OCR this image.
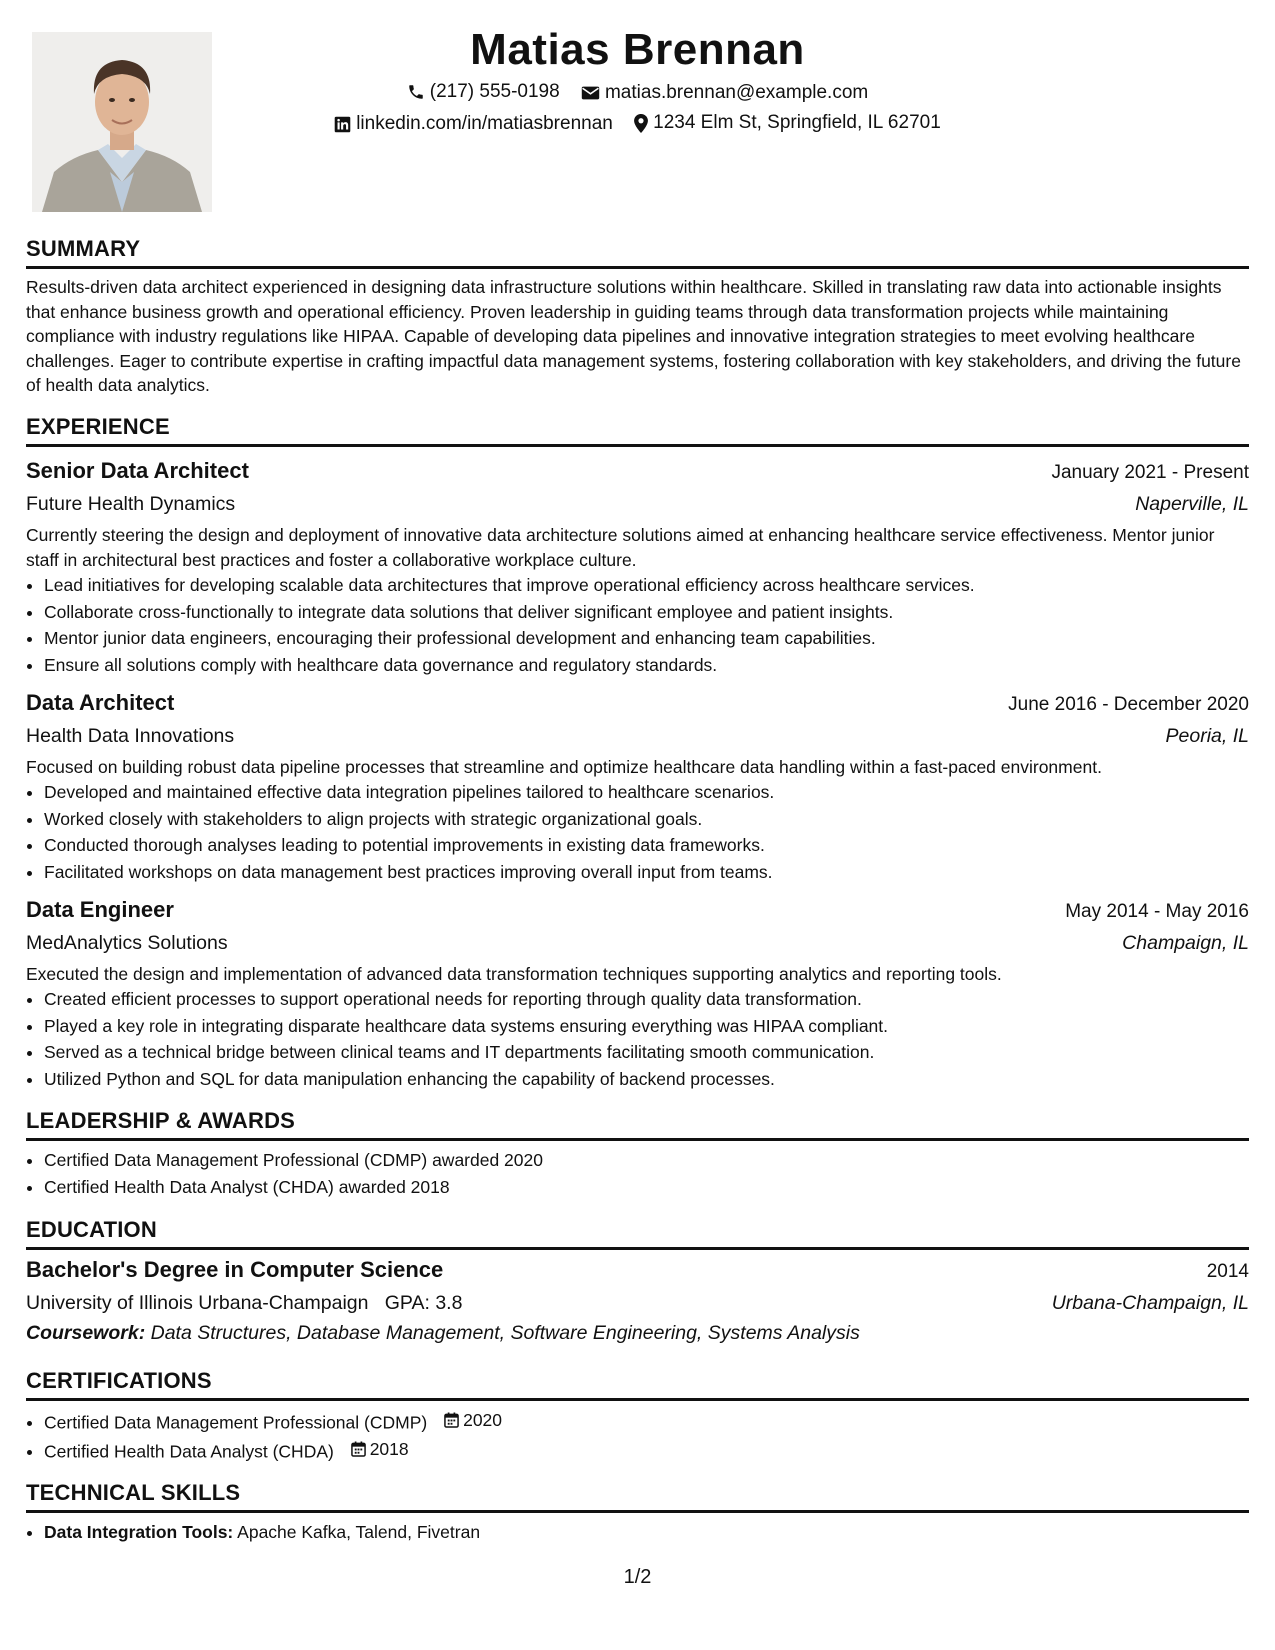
Matias Brennan
(217) 555-0198
matias.brennan@example.com
linkedin.com/in/matiasbrennan
1234 Elm St, Springfield, IL 62701
SUMMARY

Results-driven data architect experienced in designing data infrastructure solutions within healthcare. Skilled in translating raw data into actionable insights that enhance business growth and operational efficiency. Proven leadership in guiding teams through data transformation projects while maintaining compliance with industry regulations like HIPAA. Capable of developing data pipelines and innovative integration strategies to meet evolving healthcare challenges. Eager to contribute expertise in crafting impactful data management systems, fostering collaboration with key stakeholders, and driving the future of health data analytics.

EXPERIENCE
Senior Data Architect	January 2021 - Present
Future Health Dynamics	Naperville, IL

Currently steering the design and deployment of innovative data architecture solutions aimed at enhancing healthcare service effectiveness. Mentor junior staff in architectural best practices and foster a collaborative workplace culture.

• Lead initiatives for developing scalable data architectures that improve operational efficiency across healthcare services.
• Collaborate cross-functionally to integrate data solutions that deliver significant employee and patient insights.
• Mentor junior data engineers, encouraging their professional development and enhancing team capabilities.
• Ensure all solutions comply with healthcare data governance and regulatory standards.
Data Architect	June 2016 - December 2020
Health Data Innovations	Peoria, IL

Focused on building robust data pipeline processes that streamline and optimize healthcare data handling within a fast-paced environment.

• Developed and maintained effective data integration pipelines tailored to healthcare scenarios.
• Worked closely with stakeholders to align projects with strategic organizational goals.
• Conducted thorough analyses leading to potential improvements in existing data frameworks.
• Facilitated workshops on data management best practices improving overall input from teams.
Data Engineer	May 2014 - May 2016
MedAnalytics Solutions	Champaign, IL

Executed the design and implementation of advanced data transformation techniques supporting analytics and reporting tools.

• Created efficient processes to support operational needs for reporting through quality data transformation.
• Played a key role in integrating disparate healthcare data systems ensuring everything was HIPAA compliant.
• Served as a technical bridge between clinical teams and IT departments facilitating smooth communication.
• Utilized Python and SQL for data manipulation enhancing the capability of backend processes.
LEADERSHIP & AWARDS
• Certified Data Management Professional (CDMP) awarded 2020
• Certified Health Data Analyst (CHDA) awarded 2018
EDUCATION
Bachelor's Degree in Computer Science	2014
University of Illinois Urbana-Champaign GPA: 3.8	Urbana-Champaign, IL
Coursework: Data Structures, Database Management, Software Engineering, Systems Analysis
CERTIFICATIONS
• Certified Data Management Professional (CDMP) 2020
• Certified Health Data Analyst (CHDA) 2018
TECHNICAL SKILLS
• Data Integration Tools: Apache Kafka, Talend, Fivetran
1/2
